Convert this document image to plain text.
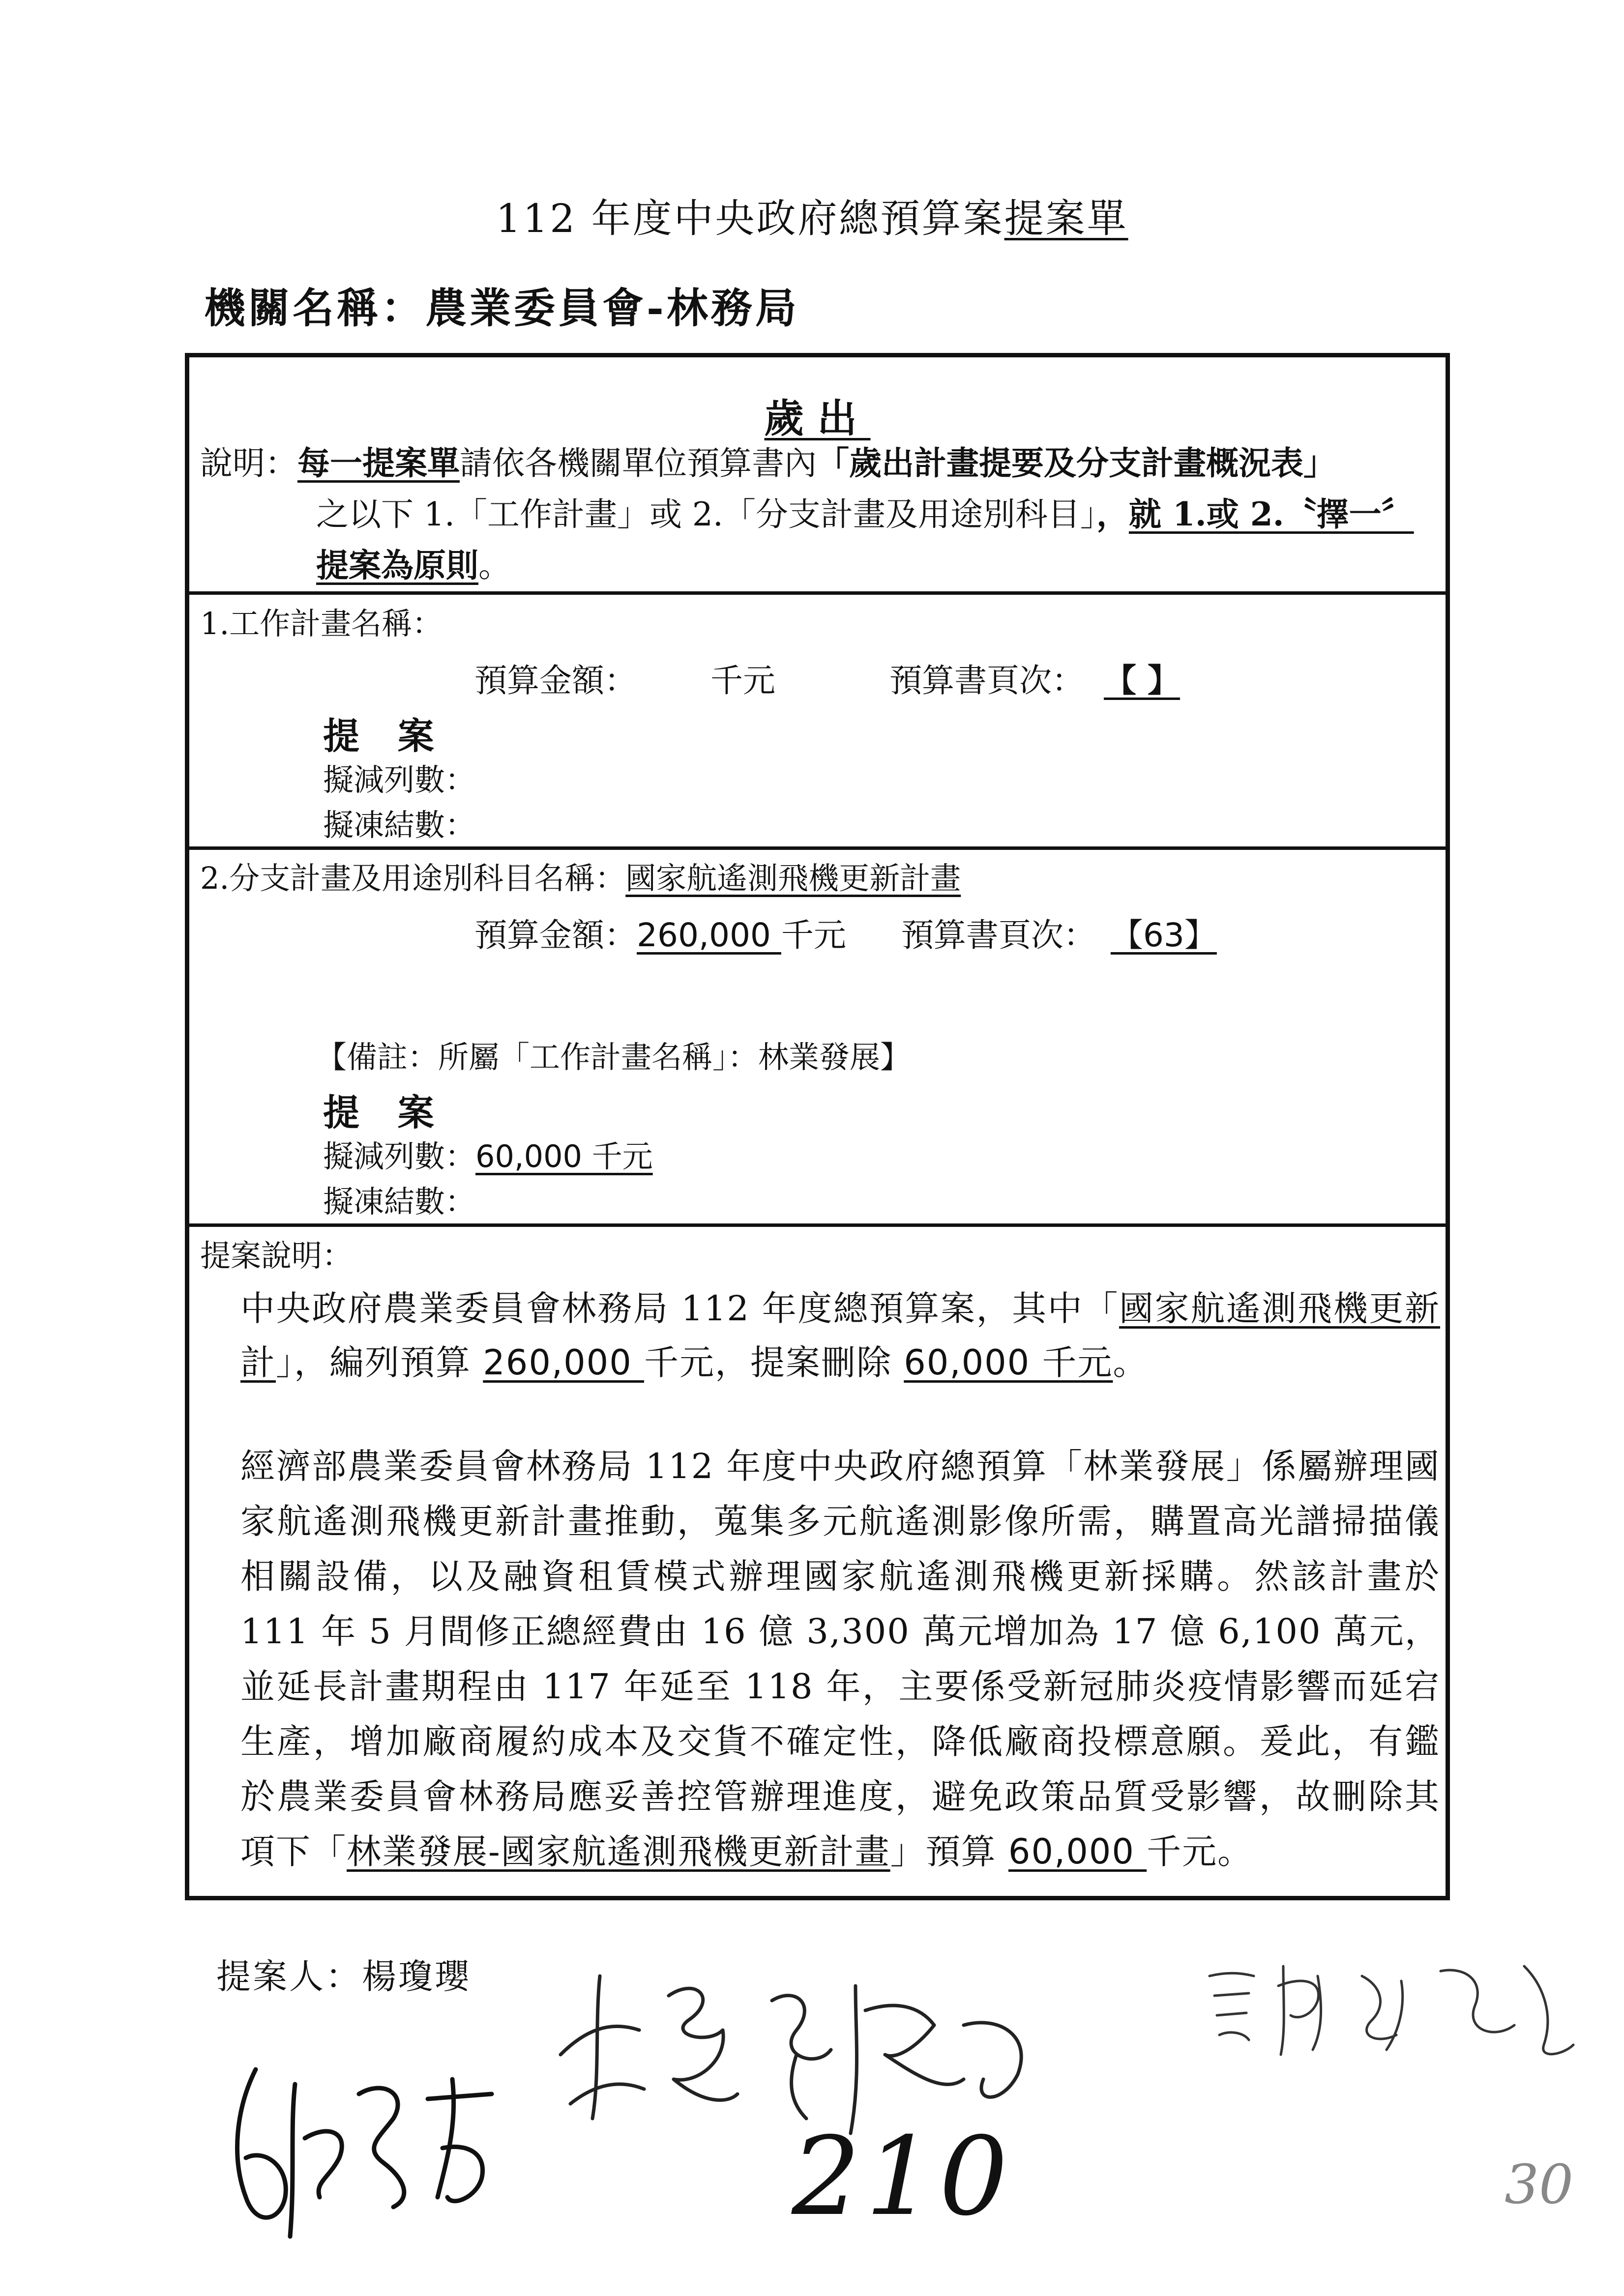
112 年度中央政府總預算案提案單
機關名稱：農業委員會-林務局
歲出
說明：每一提案單請依各機關單位預算書內「歲出計畫提要及分支計畫概況表」
之以下 1.「工作計畫」或 2.「分支計畫及用途別科目」，就 1.或 2.〝擇一〞
提案為原則。
1.工作計畫名稱：
預算金額： 千元	預算書頁次： 【 】
提 案
擬減列數：
擬凍結數：
2.分支計畫及用途別科目名稱：國家航遙測飛機更新計畫
預算金額：260,000 千元 預算書頁次： 【63】
【備註：所屬「工作計畫名稱」：林業發展】
提 案
擬減列數：60,000 千元
擬凍結數：
提案說明：
中央政府農業委員會林務局 112 年度總預算案，其中「國家航遙測飛機更新計」，編列預算 260,000 千元，提案刪除 60,000 千元。
經濟部農業委員會林務局 112 年度中央政府總預算「林業發展」係屬辦理國家航遙測飛機更新計畫推動，蒐集多元航遙測影像所需，購置高光譜掃描儀相關設備，以及融資租賃模式辦理國家航遙測飛機更新採購。然該計畫於 111 年 5 月間修正總經費由 16 億 3,300 萬元增加為 17 億 6,100 萬元，並延長計畫期程由 117 年延至 118 年，主要係受新冠肺炎疫情影響而延宕生產，增加廠商履約成本及交貨不確定性，降低廠商投標意願。爰此，有鑑於農業委員會林務局應妥善控管辦理進度，避免政策品質受影響，故刪除其項下「林業發展-國家航遙測飛機更新計畫」預算 60,000 千元。
提案人：楊瓊瓔
210	30
